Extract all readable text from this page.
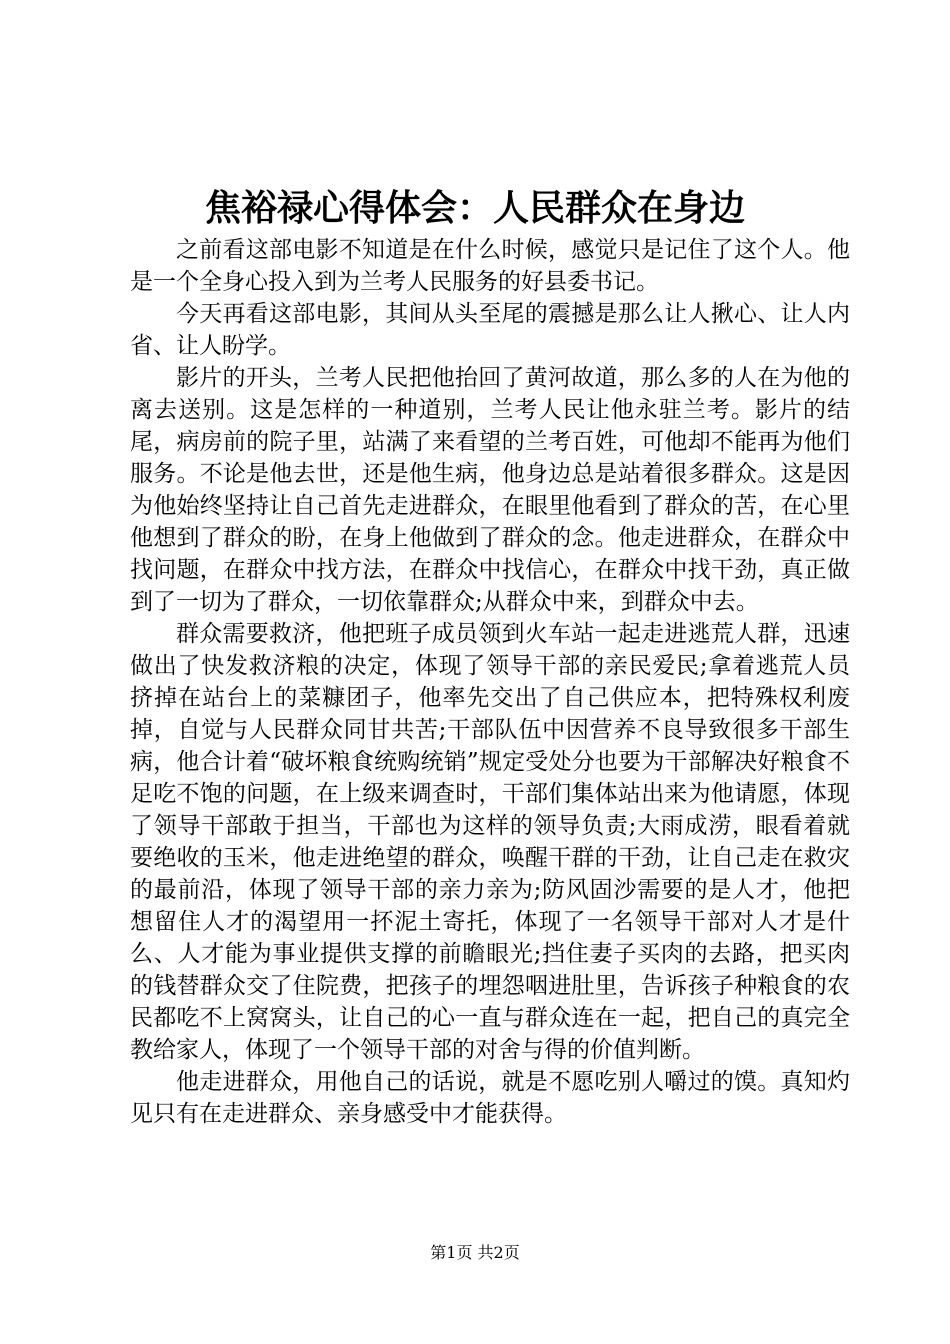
焦裕禄心得体会：人民群众在身边

之前看这部电影不知道是在什么时候，感觉只是记住了这个人。他是一个全身心投入到为兰考人民服务的好县委书记。

今天再看这部电影，其间从头至尾的震撼是那么让人揪心、让人内省、让人盼学。

影片的开头，兰考人民把他抬回了黄河故道，那么多的人在为他的离去送别。这是怎样的一种道别，兰考人民让他永驻兰考。影片的结尾，病房前的院子里，站满了来看望的兰考百姓，可他却不能再为他们服务。不论是他去世，还是他生病，他身边总是站着很多群众。这是因为他始终坚持让自己首先走进群众，在眼里他看到了群众的苦，在心里他想到了群众的盼，在身上他做到了群众的念。他走进群众，在群众中找问题，在群众中找方法，在群众中找信心，在群众中找干劲，真正做到了一切为了群众，一切依靠群众;从群众中来，到群众中去。

群众需要救济，他把班子成员领到火车站一起走进逃荒人群，迅速做出了快发救济粮的决定，体现了领导干部的亲民爱民;拿着逃荒人员挤掉在站台上的菜糠团子，他率先交出了自己供应本，把特殊权利废掉，自觉与人民群众同甘共苦;干部队伍中因营养不良导致很多干部生病，他合计着“破坏粮食统购统销”规定受处分也要为干部解决好粮食不足吃不饱的问题，在上级来调查时，干部们集体站出来为他请愿，体现了领导干部敢于担当，干部也为这样的领导负责;大雨成涝，眼看着就要绝收的玉米，他走进绝望的群众，唤醒干群的干劲，让自己走在救灾的最前沿，体现了领导干部的亲力亲为;防风固沙需要的是人才，他把想留住人才的渴望用一抔泥土寄托，体现了一名领导干部对人才是什么、人才能为事业提供支撑的前瞻眼光;挡住妻子买肉的去路，把买肉的钱替群众交了住院费，把孩子的埋怨咽进肚里，告诉孩子种粮食的农民都吃不上窝窝头，让自己的心一直与群众连在一起，把自己的真完全教给家人，体现了一个领导干部的对舍与得的价值判断。

他走进群众，用他自己的话说，就是不愿吃别人嚼过的馍。真知灼见只有在走进群众、亲身感受中才能获得。

第1页 共2页
